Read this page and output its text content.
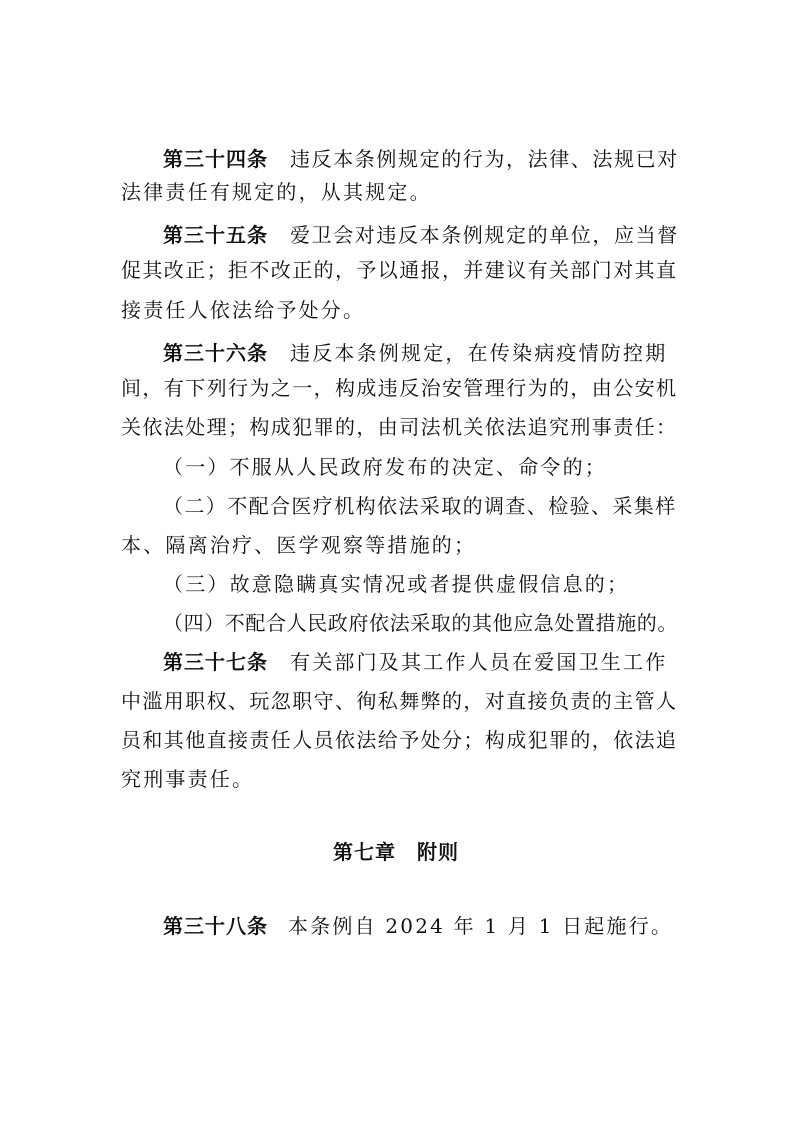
第三十四条 违反本条例规定的行为，法律、法规已对
法律责任有规定的，从其规定。
第三十五条 爱卫会对违反本条例规定的单位，应当督
促其改正；拒不改正的，予以通报，并建议有关部门对其直
接责任人依法给予处分。
第三十六条 违反本条例规定，在传染病疫情防控期
间，有下列行为之一，构成违反治安管理行为的，由公安机
关依法处理；构成犯罪的，由司法机关依法追究刑事责任：
（一）不服从人民政府发布的决定、命令的；
（二）不配合医疗机构依法采取的调查、检验、采集样
本、隔离治疗、医学观察等措施的；
（三）故意隐瞒真实情况或者提供虚假信息的；
（四）不配合人民政府依法采取的其他应急处置措施的。
第三十七条 有关部门及其工作人员在爱国卫生工作
中滥用职权、玩忽职守、徇私舞弊的，对直接负责的主管人
员和其他直接责任人员依法给予处分；构成犯罪的，依法追
究刑事责任。
第七章　附则
第三十八条 本条例自 2024 年 1 月 1 日起施行。
